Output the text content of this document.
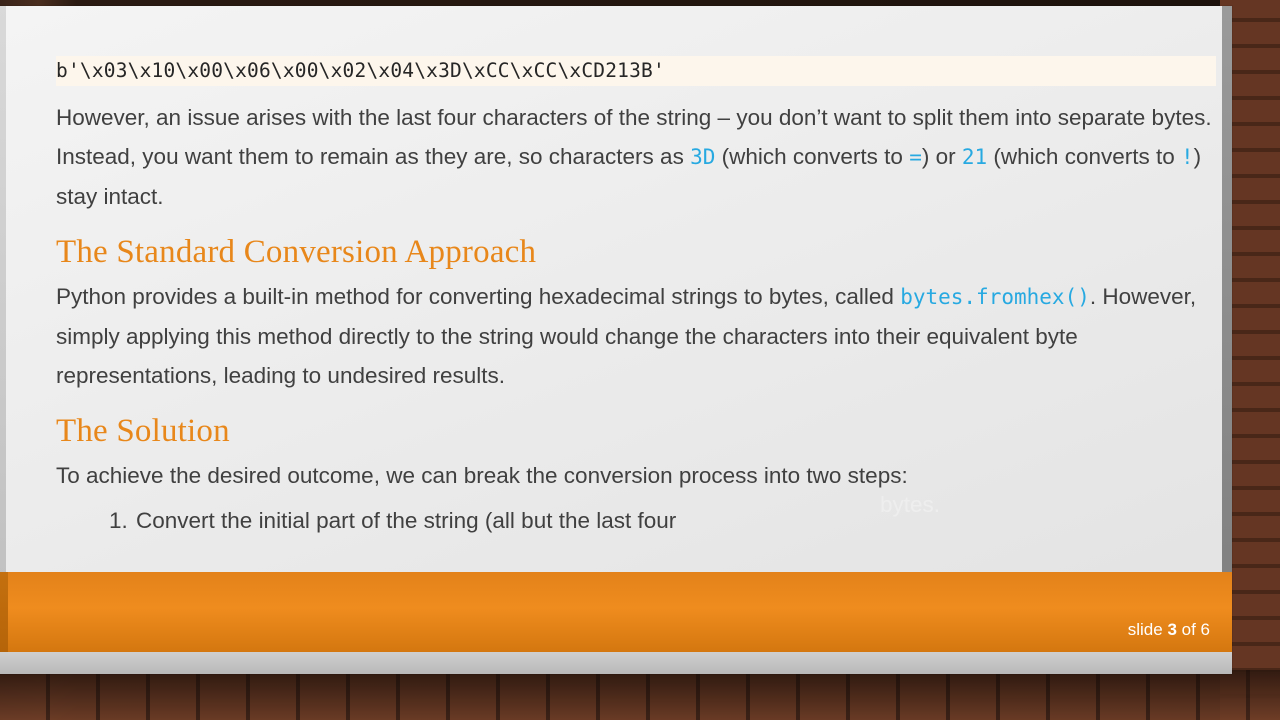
b'\x03\x10\x00\x06\x00\x02\x04\x3D\xCC\xCC\xCD213B'

However, an issue arises with the last four characters of the string – you don’t want to split them into separate bytes. Instead, you want them to remain as they are, so characters as 3D (which converts to =) or 21 (which converts to !) stay intact.

The Standard Conversion Approach

Python provides a built-in method for converting hexadecimal strings to bytes, called bytes.fromhex(). However, simply applying this method directly to the string would change the characters into their equivalent byte representations, leading to undesired results.

The Solution

To achieve the desired outcome, we can break the conversion process into two steps:

1. Convert the initial part of the string (all but the last four
bytes.
slide 3 of 6
